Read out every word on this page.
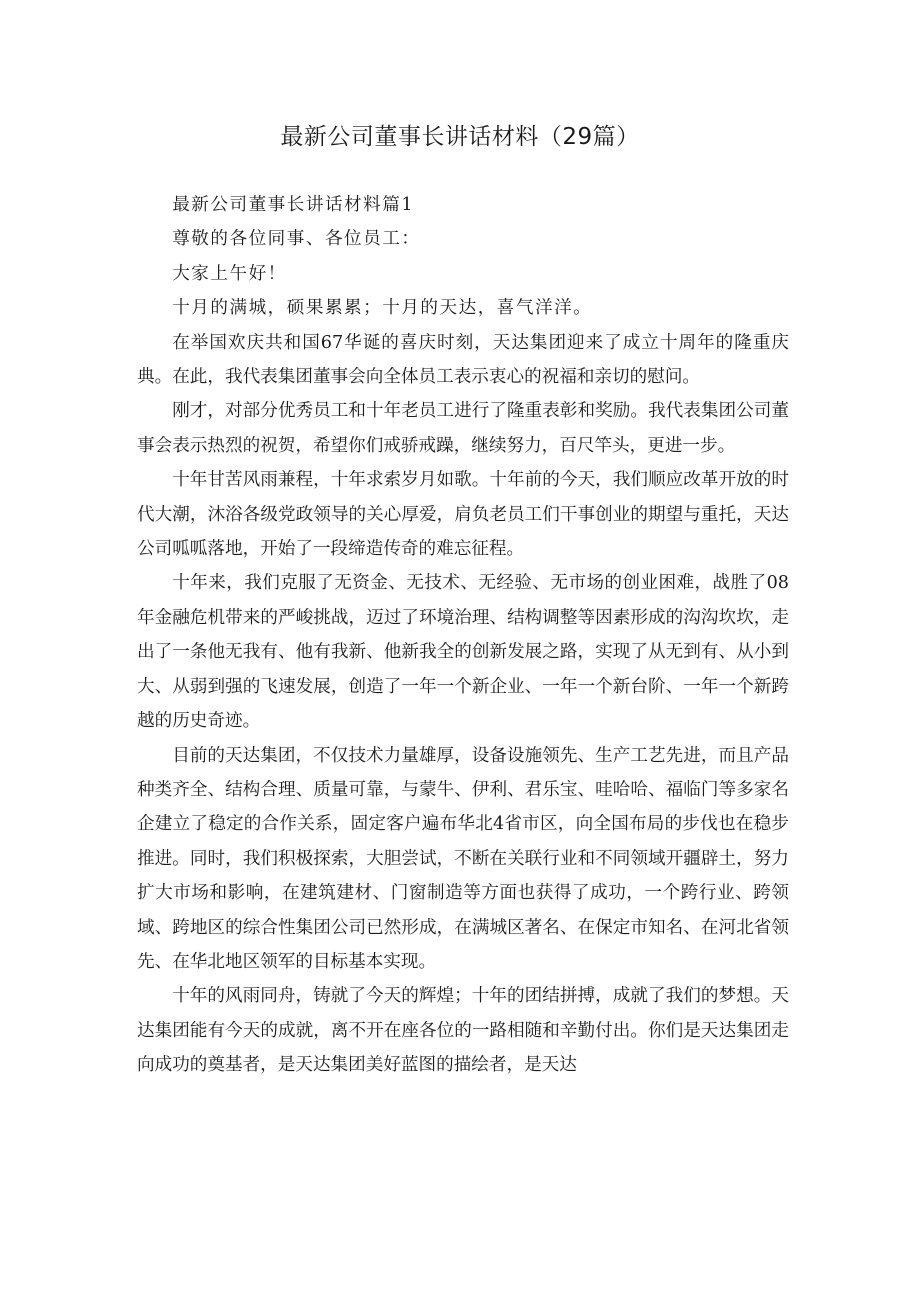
最新公司董事长讲话材料（29篇）

最新公司董事长讲话材料篇1

尊敬的各位同事、各位员工：

大家上午好！

十月的满城，硕果累累；十月的天达，喜气洋洋。

在举国欢庆共和国67华诞的喜庆时刻，天达集团迎来了成立十周年的隆重庆典。在此，我代表集团董事会向全体员工表示衷心的祝福和亲切的慰问。

刚才，对部分优秀员工和十年老员工进行了隆重表彰和奖励。我代表集团公司董事会表示热烈的祝贺，希望你们戒骄戒躁，继续努力，百尺竿头，更进一步。

十年甘苦风雨兼程，十年求索岁月如歌。十年前的今天，我们顺应改革开放的时代大潮，沐浴各级党政领导的关心厚爱，肩负老员工们干事创业的期望与重托，天达公司呱呱落地，开始了一段缔造传奇的难忘征程。

十年来，我们克服了无资金、无技术、无经验、无市场的创业困难，战胜了08年金融危机带来的严峻挑战，迈过了环境治理、结构调整等因素形成的沟沟坎坎，走出了一条他无我有、他有我新、他新我全的创新发展之路，实现了从无到有、从小到大、从弱到强的飞速发展，创造了一年一个新企业、一年一个新台阶、一年一个新跨越的历史奇迹。

目前的天达集团，不仅技术力量雄厚，设备设施领先、生产工艺先进，而且产品种类齐全、结构合理、质量可靠，与蒙牛、伊利、君乐宝、哇哈哈、福临门等多家名企建立了稳定的合作关系，固定客户遍布华北4省市区，向全国布局的步伐也在稳步推进。同时，我们积极探索，大胆尝试，不断在关联行业和不同领域开疆辟土，努力扩大市场和影响，在建筑建材、门窗制造等方面也获得了成功，一个跨行业、跨领域、跨地区的综合性集团公司已然形成，在满城区著名、在保定市知名、在河北省领先、在华北地区领军的目标基本实现。

十年的风雨同舟，铸就了今天的辉煌；十年的团结拼搏，成就了我们的梦想。天达集团能有今天的成就，离不开在座各位的一路相随和辛勤付出。你们是天达集团走向成功的奠基者，是天达集团美好蓝图的描绘者，是天达
